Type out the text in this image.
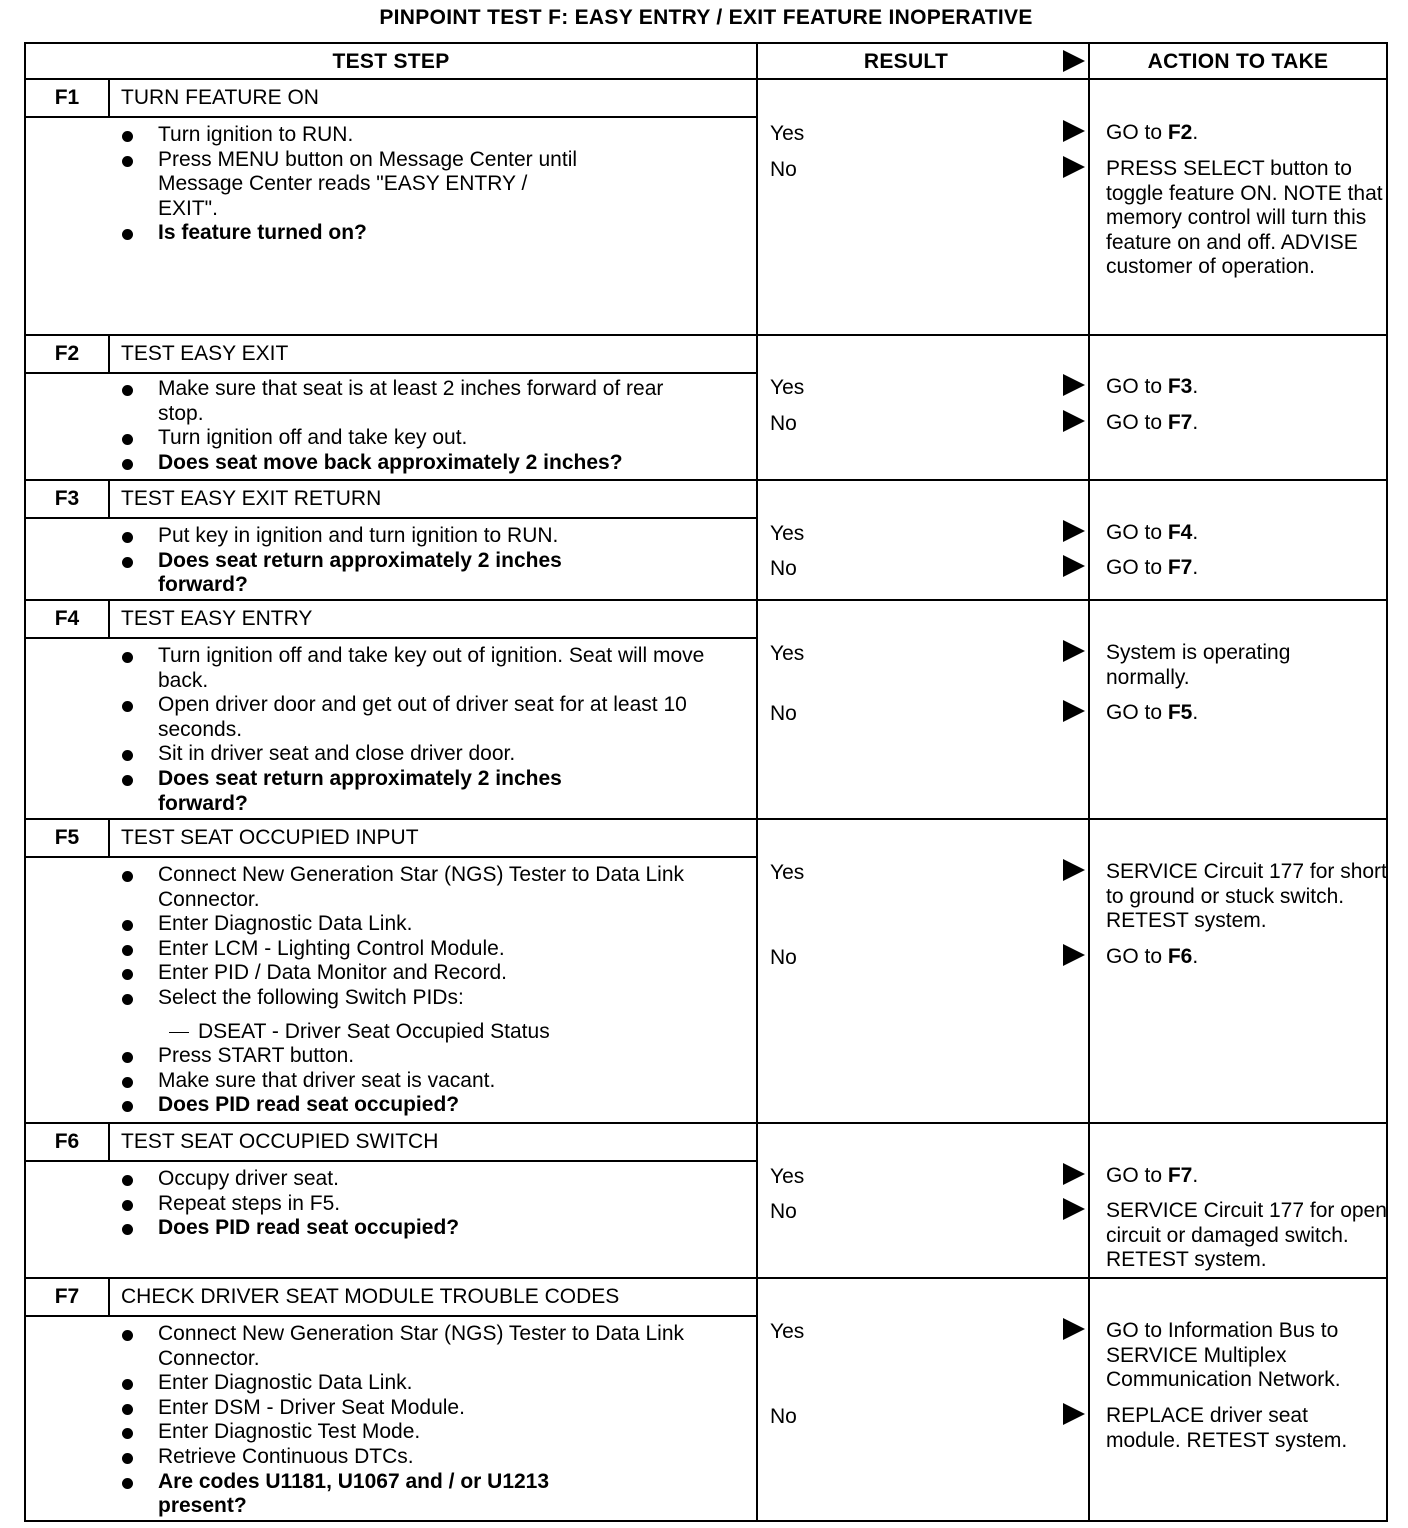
PINPOINT TEST F: EASY ENTRY / EXIT FEATURE INOPERATIVE
TEST STEP	RESULT	ACTION TO TAKE
F1	TURN FEATURE ON

Turn ignition to RUN.

Press MENU button on Message Center until Message Center reads "EASY ENTRY / EXIT".

Is feature turned on?

Yes	GO to F2.
No	PRESS SELECT button to toggle feature ON. NOTE that memory control will turn this feature on and off. ADVISE customer of operation.
F2	TEST EASY EXIT

Make sure that seat is at least 2 inches forward of rear stop.

Turn ignition off and take key out.

Does seat move back approximately 2 inches?

Yes	GO to F3.
No	GO to F7.
F3	TEST EASY EXIT RETURN

Put key in ignition and turn ignition to RUN.

Does seat return approximately 2 inches forward?

Yes	GO to F4.
No	GO to F7.
F4	TEST EASY ENTRY

Turn ignition off and take key out of ignition. Seat will move back.

Open driver door and get out of driver seat for at least 10 seconds.

Sit in driver seat and close driver door.

Does seat return approximately 2 inches forward?

Yes	System is operating normally.
No	GO to F5.
F5	TEST SEAT OCCUPIED INPUT

Connect New Generation Star (NGS) Tester to Data Link Connector.

Enter Diagnostic Data Link.

Enter LCM - Lighting Control Module.

Enter PID / Data Monitor and Record.

Select the following Switch PIDs:

DSEAT - Driver Seat Occupied Status

Press START button.

Make sure that driver seat is vacant.

Does PID read seat occupied?

Yes	SERVICE Circuit 177 for short to ground or stuck switch. RETEST system.
No	GO to F6.
F6	TEST SEAT OCCUPIED SWITCH

Occupy driver seat.

Repeat steps in F5.

Does PID read seat occupied?

Yes	GO to F7.
No	SERVICE Circuit 177 for open circuit or damaged switch. RETEST system.
F7	CHECK DRIVER SEAT MODULE TROUBLE CODES

Connect New Generation Star (NGS) Tester to Data Link Connector.

Enter Diagnostic Data Link.

Enter DSM - Driver Seat Module.

Enter Diagnostic Test Mode.

Retrieve Continuous DTCs.

Are codes U1181, U1067 and / or U1213 present?

Yes	GO to Information Bus to SERVICE Multiplex Communication Network.
No	REPLACE driver seat module. RETEST system.
